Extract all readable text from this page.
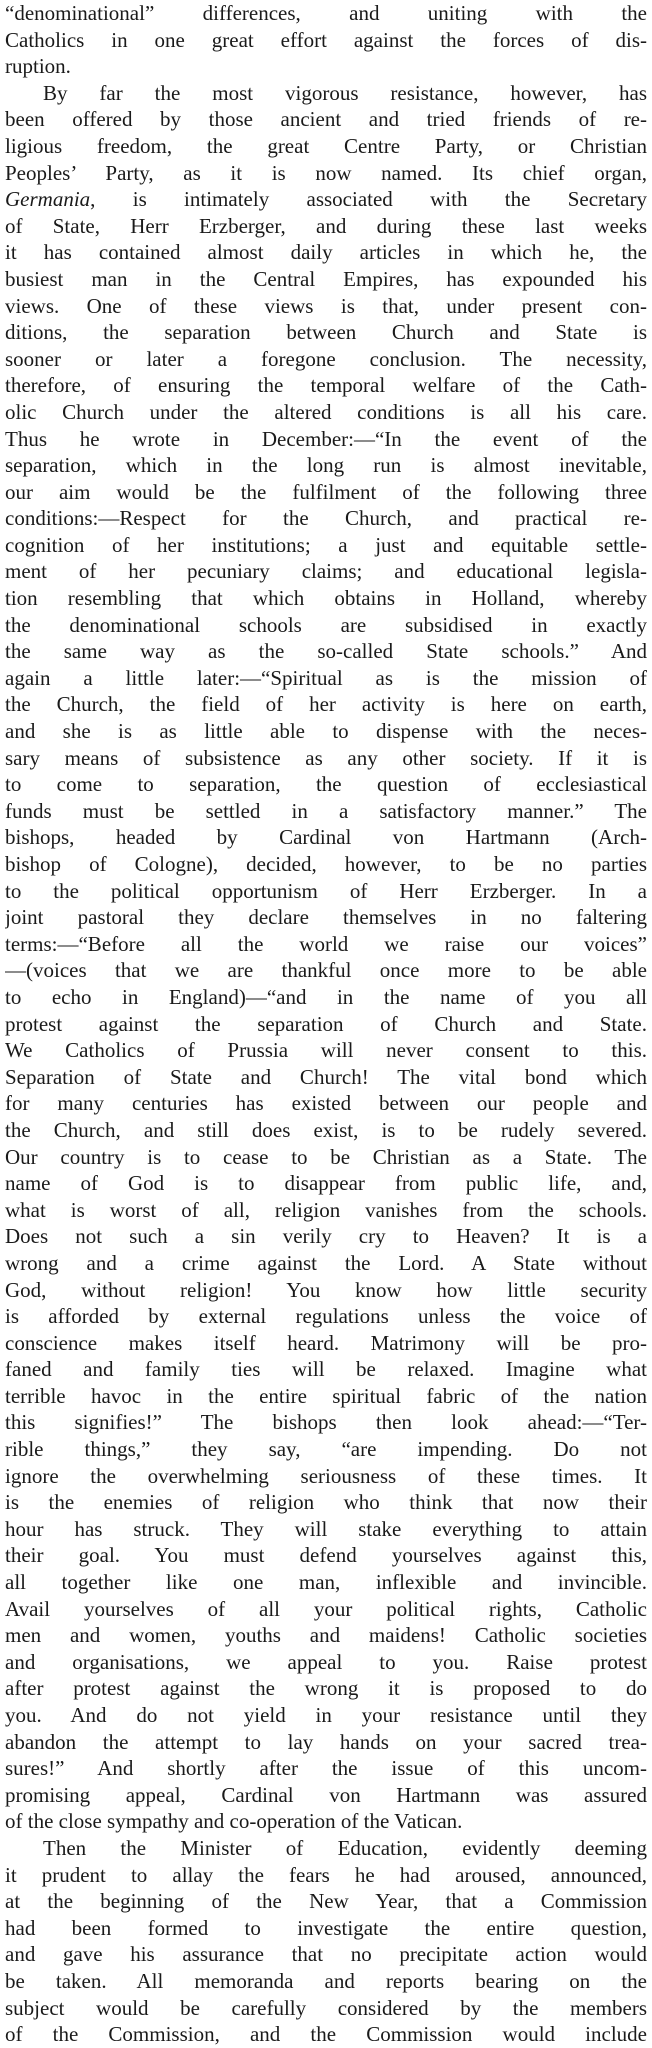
“denominational” differences, and uniting with the
Catholics in one great effort against the forces of dis-
ruption.
By far the most vigorous resistance, however, has
been offered by those ancient and tried friends of re-
ligious freedom, the great Centre Party, or Christian
Peoples’ Party, as it is now named. Its chief organ,
Germania, is intimately associated with the Secretary
of State, Herr Erzberger, and during these last weeks
it has contained almost daily articles in which he, the
busiest man in the Central Empires, has expounded his
views. One of these views is that, under present con-
ditions, the separation between Church and State is
sooner or later a foregone conclusion. The necessity,
therefore, of ensuring the temporal welfare of the Cath-
olic Church under the altered conditions is all his care.
Thus he wrote in December:—“In the event of the
separation, which in the long run is almost inevitable,
our aim would be the fulfilment of the following three
conditions:—Respect for the Church, and practical re-
cognition of her institutions; a just and equitable settle-
ment of her pecuniary claims; and educational legisla-
tion resembling that which obtains in Holland, whereby
the denominational schools are subsidised in exactly
the same way as the so-called State schools.” And
again a little later:—“Spiritual as is the mission of
the Church, the field of her activity is here on earth,
and she is as little able to dispense with the neces-
sary means of subsistence as any other society. If it is
to come to separation, the question of ecclesiastical
funds must be settled in a satisfactory manner.” The
bishops, headed by Cardinal von Hartmann (Arch-
bishop of Cologne), decided, however, to be no parties
to the political opportunism of Herr Erzberger. In a
joint pastoral they declare themselves in no faltering
terms:—“Before all the world we raise our voices”
—(voices that we are thankful once more to be able
to echo in England)—“and in the name of you all
protest against the separation of Church and State.
We Catholics of Prussia will never consent to this.
Separation of State and Church! The vital bond which
for many centuries has existed between our people and
the Church, and still does exist, is to be rudely severed.
Our country is to cease to be Christian as a State. The
name of God is to disappear from public life, and,
what is worst of all, religion vanishes from the schools.
Does not such a sin verily cry to Heaven? It is a
wrong and a crime against the Lord. A State without
God, without religion! You know how little security
is afforded by external regulations unless the voice of
conscience makes itself heard. Matrimony will be pro-
faned and family ties will be relaxed. Imagine what
terrible havoc in the entire spiritual fabric of the nation
this signifies!” The bishops then look ahead:—“Ter-
rible things,” they say, “are impending. Do not
ignore the overwhelming seriousness of these times. It
is the enemies of religion who think that now their
hour has struck. They will stake everything to attain
their goal. You must defend yourselves against this,
all together like one man, inflexible and invincible.
Avail yourselves of all your political rights, Catholic
men and women, youths and maidens! Catholic societies
and organisations, we appeal to you. Raise protest
after protest against the wrong it is proposed to do
you. And do not yield in your resistance until they
abandon the attempt to lay hands on your sacred trea-
sures!” And shortly after the issue of this uncom-
promising appeal, Cardinal von Hartmann was assured
of the close sympathy and co-operation of the Vatican.
Then the Minister of Education, evidently deeming
it prudent to allay the fears he had aroused, announced,
at the beginning of the New Year, that a Commission
had been formed to investigate the entire question,
and gave his assurance that no precipitate action would
be taken. All memoranda and reports bearing on the
subject would be carefully considered by the members
of the Commission, and the Commission would include
